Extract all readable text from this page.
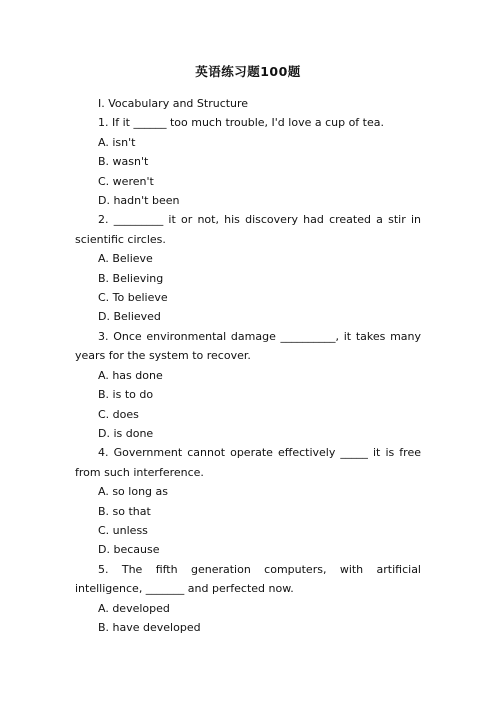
英语练习题100题
Ⅰ. Vocabulary and Structure
1. If it ______ too much trouble, I'd love a cup of tea.
A. isn't
B. wasn't
C. weren't
D. hadn't been
2. _________ it or not, his discovery had created a stir in scientific circles.
A. Believe
B. Believing
C. To believe
D. Believed
3. Once environmental damage __________, it takes many years for the system to recover.
A. has done
B. is to do
C. does
D. is done
4. Government cannot operate effectively _____ it is free from such interference.
A. so long as
B. so that
C. unless
D. because
5. The fifth generation computers, with artificial intelligence, _______ and perfected now.
A. developed
B. have developed
